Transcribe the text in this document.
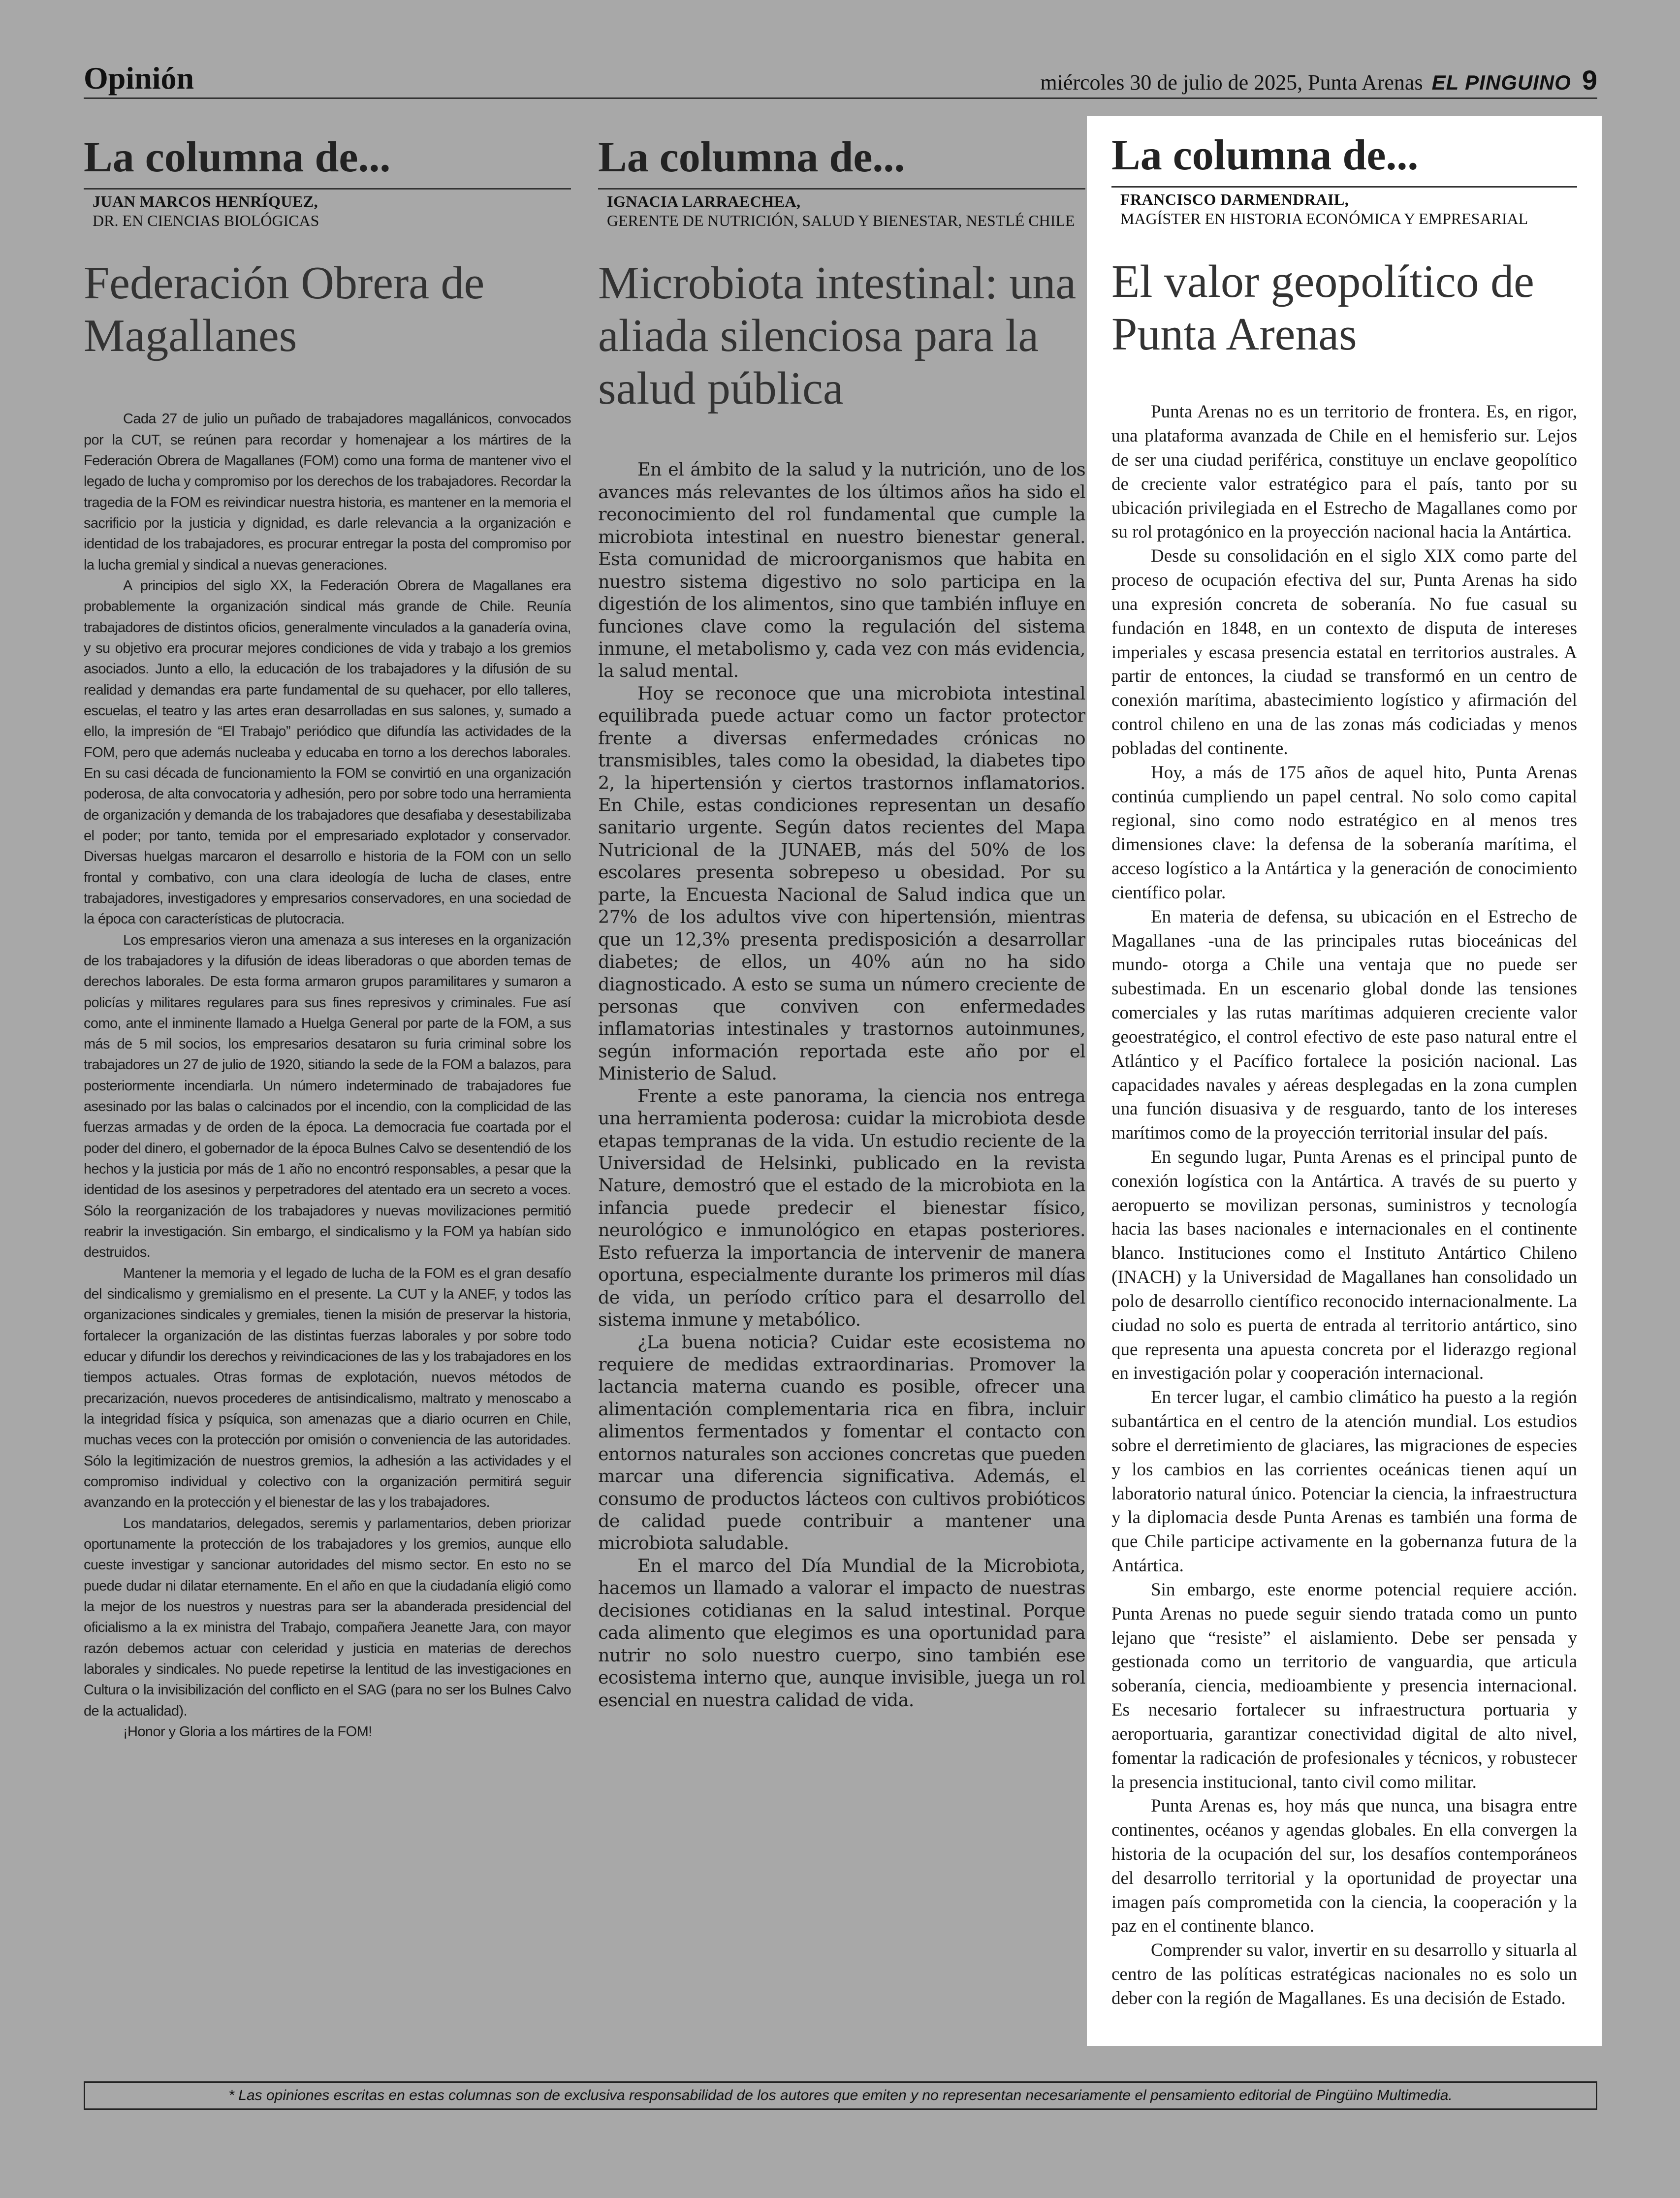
Opinión	miércoles 30 de julio de 2025, Punta Arenas EL PINGUINO 9
La columna de...
JUAN MARCOS HENRÍQUEZ,
DR. EN CIENCIAS BIOLÓGICAS
Federación Obrera de Magallanes

Cada 27 de julio un puñado de trabajadores magallánicos, convocados por la CUT, se reúnen para recordar y homenajear a los mártires de la Federación Obrera de Magallanes (FOM) como una forma de mantener vivo el legado de lucha y compromiso por los derechos de los trabajadores. Recordar la tragedia de la FOM es reivindicar nuestra historia, es mantener en la memoria el sacrificio por la justicia y dignidad, es darle relevancia a la organización e identidad de los trabajadores, es procurar entregar la posta del compromiso por la lucha gremial y sindical a nuevas generaciones.

A principios del siglo XX, la Federación Obrera de Magallanes era probablemente la organización sindical más grande de Chile. Reunía trabajadores de distintos oficios, generalmente vinculados a la ganadería ovina, y su objetivo era procurar mejores condiciones de vida y trabajo a los gremios asociados. Junto a ello, la educación de los trabajadores y la difusión de su realidad y demandas era parte fundamental de su quehacer, por ello talleres, escuelas, el teatro y las artes eran desarrolladas en sus salones, y, sumado a ello, la impresión de “El Trabajo” periódico que difundía las actividades de la FOM, pero que además nucleaba y educaba en torno a los derechos laborales. En su casi década de funcionamiento la FOM se convirtió en una organización poderosa, de alta convocatoria y adhesión, pero por sobre todo una herramienta de organización y demanda de los trabajadores que desafiaba y desestabilizaba el poder; por tanto, temida por el empresariado explotador y conservador. Diversas huelgas marcaron el desarrollo e historia de la FOM con un sello frontal y combativo, con una clara ideología de lucha de clases, entre trabajadores, investigadores y empresarios conservadores, en una sociedad de la época con características de plutocracia.

Los empresarios vieron una amenaza a sus intereses en la organización de los trabajadores y la difusión de ideas liberadoras o que aborden temas de derechos laborales. De esta forma armaron grupos paramilitares y sumaron a policías y militares regulares para sus fines represivos y criminales. Fue así como, ante el inminente llamado a Huelga General por parte de la FOM, a sus más de 5 mil socios, los empresarios desataron su furia criminal sobre los trabajadores un 27 de julio de 1920, sitiando la sede de la FOM a balazos, para posteriormente incendiarla. Un número indeterminado de trabajadores fue asesinado por las balas o calcinados por el incendio, con la complicidad de las fuerzas armadas y de orden de la época. La democracia fue coartada por el poder del dinero, el gobernador de la época Bulnes Calvo se desentendió de los hechos y la justicia por más de 1 año no encontró responsables, a pesar que la identidad de los asesinos y perpetradores del atentado era un secreto a voces. Sólo la reorganización de los trabajadores y nuevas movilizaciones permitió reabrir la investigación. Sin embargo, el sindicalismo y la FOM ya habían sido destruidos.

Mantener la memoria y el legado de lucha de la FOM es el gran desafío del sindicalismo y gremialismo en el presente. La CUT y la ANEF, y todos las organizaciones sindicales y gremiales, tienen la misión de preservar la historia, fortalecer la organización de las distintas fuerzas laborales y por sobre todo educar y difundir los derechos y reivindicaciones de las y los trabajadores en los tiempos actuales. Otras formas de explotación, nuevos métodos de precarización, nuevos procederes de antisindicalismo, maltrato y menoscabo a la integridad física y psíquica, son amenazas que a diario ocurren en Chile, muchas veces con la protección por omisión o conveniencia de las autoridades. Sólo la legitimización de nuestros gremios, la adhesión a las actividades y el compromiso individual y colectivo con la organización permitirá seguir avanzando en la protección y el bienestar de las y los trabajadores.

Los mandatarios, delegados, seremis y parlamentarios, deben priorizar oportunamente la protección de los trabajadores y los gremios, aunque ello cueste investigar y sancionar autoridades del mismo sector. En esto no se puede dudar ni dilatar eternamente. En el año en que la ciudadanía eligió como la mejor de los nuestros y nuestras para ser la abanderada presidencial del oficialismo a la ex ministra del Trabajo, compañera Jeanette Jara, con mayor razón debemos actuar con celeridad y justicia en materias de derechos laborales y sindicales. No puede repetirse la lentitud de las investigaciones en Cultura o la invisibilización del conflicto en el SAG (para no ser los Bulnes Calvo de la actualidad).

¡Honor y Gloria a los mártires de la FOM!

La columna de...
IGNACIA LARRAECHEA,
GERENTE DE NUTRICIÓN, SALUD Y BIENESTAR, NESTLÉ CHILE
Microbiota intestinal: una aliada silenciosa para la salud pública

En el ámbito de la salud y la nutrición, uno de los avances más relevantes de los últimos años ha sido el reconocimiento del rol fundamental que cumple la microbiota intestinal en nuestro bienestar general. Esta comunidad de microorganismos que habita en nuestro sistema digestivo no solo participa en la digestión de los alimentos, sino que también influye en funciones clave como la regulación del sistema inmune, el metabolismo y, cada vez con más evidencia, la salud mental.

Hoy se reconoce que una microbiota intestinal equilibrada puede actuar como un factor protector frente a diversas enfermedades crónicas no transmisibles, tales como la obesidad, la diabetes tipo 2, la hipertensión y ciertos trastornos inflamatorios. En Chile, estas condiciones representan un desafío sanitario urgente. Según datos recientes del Mapa Nutricional de la JUNAEB, más del 50% de los escolares presenta sobrepeso u obesidad. Por su parte, la Encuesta Nacional de Salud indica que un 27% de los adultos vive con hipertensión, mientras que un 12,3% presenta predisposición a desarrollar diabetes; de ellos, un 40% aún no ha sido diagnosticado. A esto se suma un número creciente de personas que conviven con enfermedades inflamatorias intestinales y trastornos autoinmunes, según información reportada este año por el Ministerio de Salud.

Frente a este panorama, la ciencia nos entrega una herramienta poderosa: cuidar la microbiota desde etapas tempranas de la vida. Un estudio reciente de la Universidad de Helsinki, publicado en la revista Nature, demostró que el estado de la microbiota en la infancia puede predecir el bienestar físico, neurológico e inmunológico en etapas posteriores. Esto refuerza la importancia de intervenir de manera oportuna, especialmente durante los primeros mil días de vida, un período crítico para el desarrollo del sistema inmune y metabólico.

¿La buena noticia? Cuidar este ecosistema no requiere de medidas extraordinarias. Promover la lactancia materna cuando es posible, ofrecer una alimentación complementaria rica en fibra, incluir alimentos fermentados y fomentar el contacto con entornos naturales son acciones concretas que pueden marcar una diferencia significativa. Además, el consumo de productos lácteos con cultivos probióticos de calidad puede contribuir a mantener una microbiota saludable.

En el marco del Día Mundial de la Microbiota, hacemos un llamado a valorar el impacto de nuestras decisiones cotidianas en la salud intestinal. Porque cada alimento que elegimos es una oportunidad para nutrir no solo nuestro cuerpo, sino también ese ecosistema interno que, aunque invisible, juega un rol esencial en nuestra calidad de vida.

La columna de...
FRANCISCO DARMENDRAIL,
MAGÍSTER EN HISTORIA ECONÓMICA Y EMPRESARIAL
El valor geopolítico de Punta Arenas

Punta Arenas no es un territorio de frontera. Es, en rigor, una plataforma avanzada de Chile en el hemisferio sur. Lejos de ser una ciudad periférica, constituye un enclave geopolítico de creciente valor estratégico para el país, tanto por su ubicación privilegiada en el Estrecho de Magallanes como por su rol protagónico en la proyección nacional hacia la Antártica.

Desde su consolidación en el siglo XIX como parte del proceso de ocupación efectiva del sur, Punta Arenas ha sido una expresión concreta de soberanía. No fue casual su fundación en 1848, en un contexto de disputa de intereses imperiales y escasa presencia estatal en territorios australes. A partir de entonces, la ciudad se transformó en un centro de conexión marítima, abastecimiento logístico y afirmación del control chileno en una de las zonas más codiciadas y menos pobladas del continente.

Hoy, a más de 175 años de aquel hito, Punta Arenas continúa cumpliendo un papel central. No solo como capital regional, sino como nodo estratégico en al menos tres dimensiones clave: la defensa de la soberanía marítima, el acceso logístico a la Antártica y la generación de conocimiento científico polar.

En materia de defensa, su ubicación en el Estrecho de Magallanes -una de las principales rutas bioceánicas del mundo- otorga a Chile una ventaja que no puede ser subestimada. En un escenario global donde las tensiones comerciales y las rutas marítimas adquieren creciente valor geoestratégico, el control efectivo de este paso natural entre el Atlántico y el Pacífico fortalece la posición nacional. Las capacidades navales y aéreas desplegadas en la zona cumplen una función disuasiva y de resguardo, tanto de los intereses marítimos como de la proyección territorial insular del país.

En segundo lugar, Punta Arenas es el principal punto de conexión logística con la Antártica. A través de su puerto y aeropuerto se movilizan personas, suministros y tecnología hacia las bases nacionales e internacionales en el continente blanco. Instituciones como el Instituto Antártico Chileno (INACH) y la Universidad de Magallanes han consolidado un polo de desarrollo científico reconocido internacionalmente. La ciudad no solo es puerta de entrada al territorio antártico, sino que representa una apuesta concreta por el liderazgo regional en investigación polar y cooperación internacional.

En tercer lugar, el cambio climático ha puesto a la región subantártica en el centro de la atención mundial. Los estudios sobre el derretimiento de glaciares, las migraciones de especies y los cambios en las corrientes oceánicas tienen aquí un laboratorio natural único. Potenciar la ciencia, la infraestructura y la diplomacia desde Punta Arenas es también una forma de que Chile participe activamente en la gobernanza futura de la Antártica.

Sin embargo, este enorme potencial requiere acción. Punta Arenas no puede seguir siendo tratada como un punto lejano que “resiste” el aislamiento. Debe ser pensada y gestionada como un territorio de vanguardia, que articula soberanía, ciencia, medioambiente y presencia internacional. Es necesario fortalecer su infraestructura portuaria y aeroportuaria, garantizar conectividad digital de alto nivel, fomentar la radicación de profesionales y técnicos, y robustecer la presencia institucional, tanto civil como militar.

Punta Arenas es, hoy más que nunca, una bisagra entre continentes, océanos y agendas globales. En ella convergen la historia de la ocupación del sur, los desafíos contemporáneos del desarrollo territorial y la oportunidad de proyectar una imagen país comprometida con la ciencia, la cooperación y la paz en el continente blanco.

Comprender su valor, invertir en su desarrollo y situarla al centro de las políticas estratégicas nacionales no es solo un deber con la región de Magallanes. Es una decisión de Estado.

* Las opiniones escritas en estas columnas son de exclusiva responsabilidad de los autores que emiten y no representan necesariamente el pensamiento editorial de Pingüino Multimedia.
